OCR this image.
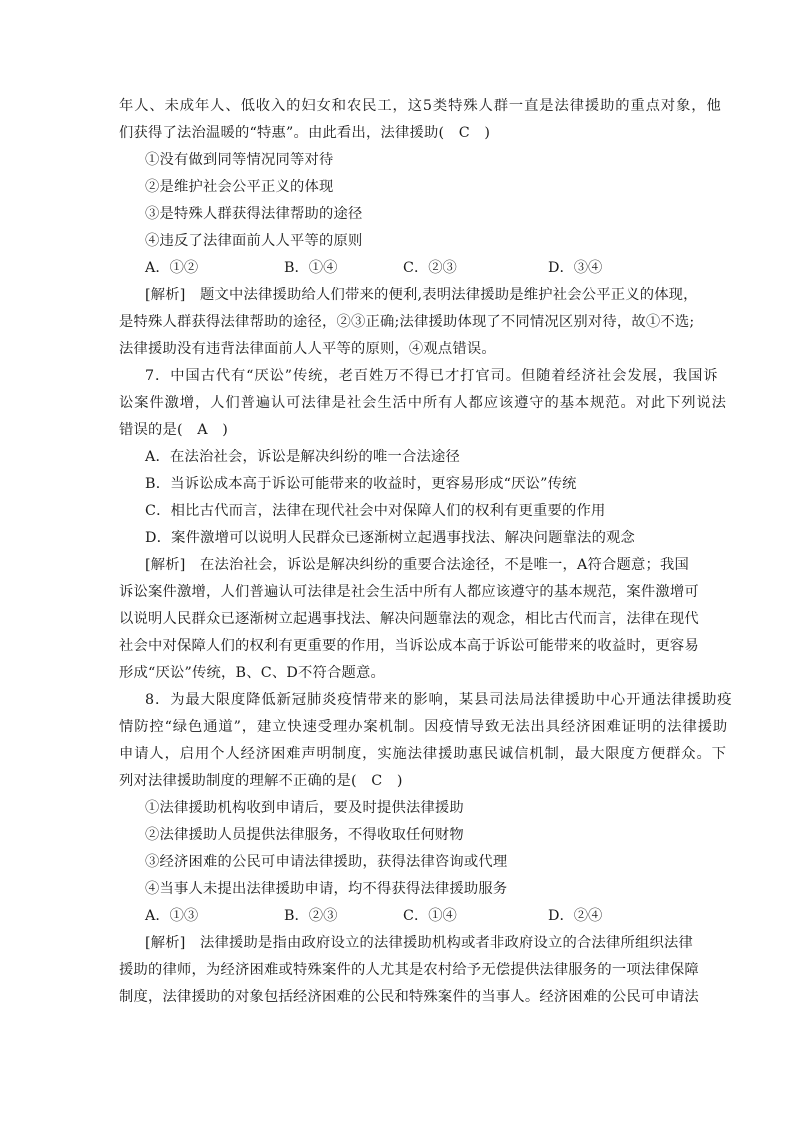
年人、未成年人、低收入的妇女和农民工，这5类特殊人群一直是法律援助的重点对象，他
们获得了法治温暖的“特惠”。由此看出，法律援助(　C　)
①没有做到同等情况同等对待
②是维护社会公平正义的体现
③是特殊人群获得法律帮助的途径
④违反了法律面前人人平等的原则
A．①②	B．①④	C．②③	D．③④
[解析]　题文中法律援助给人们带来的便利,表明法律援助是维护社会公平正义的体现，
是特殊人群获得法律帮助的途径，②③正确;法律援助体现了不同情况区别对待，故①不选;
法律援助没有违背法律面前人人平等的原则，④观点错误。
7．中国古代有“厌讼”传统，老百姓万不得已才打官司。但随着经济社会发展，我国诉
讼案件激增，人们普遍认可法律是社会生活中所有人都应该遵守的基本规范。对此下列说法
错误的是(　A　)
A．在法治社会，诉讼是解决纠纷的唯一合法途径
B．当诉讼成本高于诉讼可能带来的收益时，更容易形成“厌讼”传统
C．相比古代而言，法律在现代社会中对保障人们的权利有更重要的作用
D．案件激增可以说明人民群众已逐渐树立起遇事找法、解决问题靠法的观念
[解析]　在法治社会，诉讼是解决纠纷的重要合法途径，不是唯一，A符合题意；我国
诉讼案件激增，人们普遍认可法律是社会生活中所有人都应该遵守的基本规范，案件激增可
以说明人民群众已逐渐树立起遇事找法、解决问题靠法的观念，相比古代而言，法律在现代
社会中对保障人们的权利有更重要的作用，当诉讼成本高于诉讼可能带来的收益时，更容易
形成“厌讼”传统，B、C、D不符合题意。
8．为最大限度降低新冠肺炎疫情带来的影响，某县司法局法律援助中心开通法律援助疫
情防控“绿色通道”，建立快速受理办案机制。因疫情导致无法出具经济困难证明的法律援助
申请人，启用个人经济困难声明制度，实施法律援助惠民诚信机制，最大限度方便群众。下
列对法律援助制度的理解不正确的是(　C　)
①法律援助机构收到申请后，要及时提供法律援助
②法律援助人员提供法律服务，不得收取任何财物
③经济困难的公民可申请法律援助，获得法律咨询或代理
④当事人未提出法律援助申请，均不得获得法律援助服务
A．①③	B．②③	C．①④	D．②④
[解析]　法律援助是指由政府设立的法律援助机构或者非政府设立的合法律所组织法律
援助的律师，为经济困难或特殊案件的人尤其是农村给予无偿提供法律服务的一项法律保障
制度，法律援助的对象包括经济困难的公民和特殊案件的当事人。经济困难的公民可申请法
